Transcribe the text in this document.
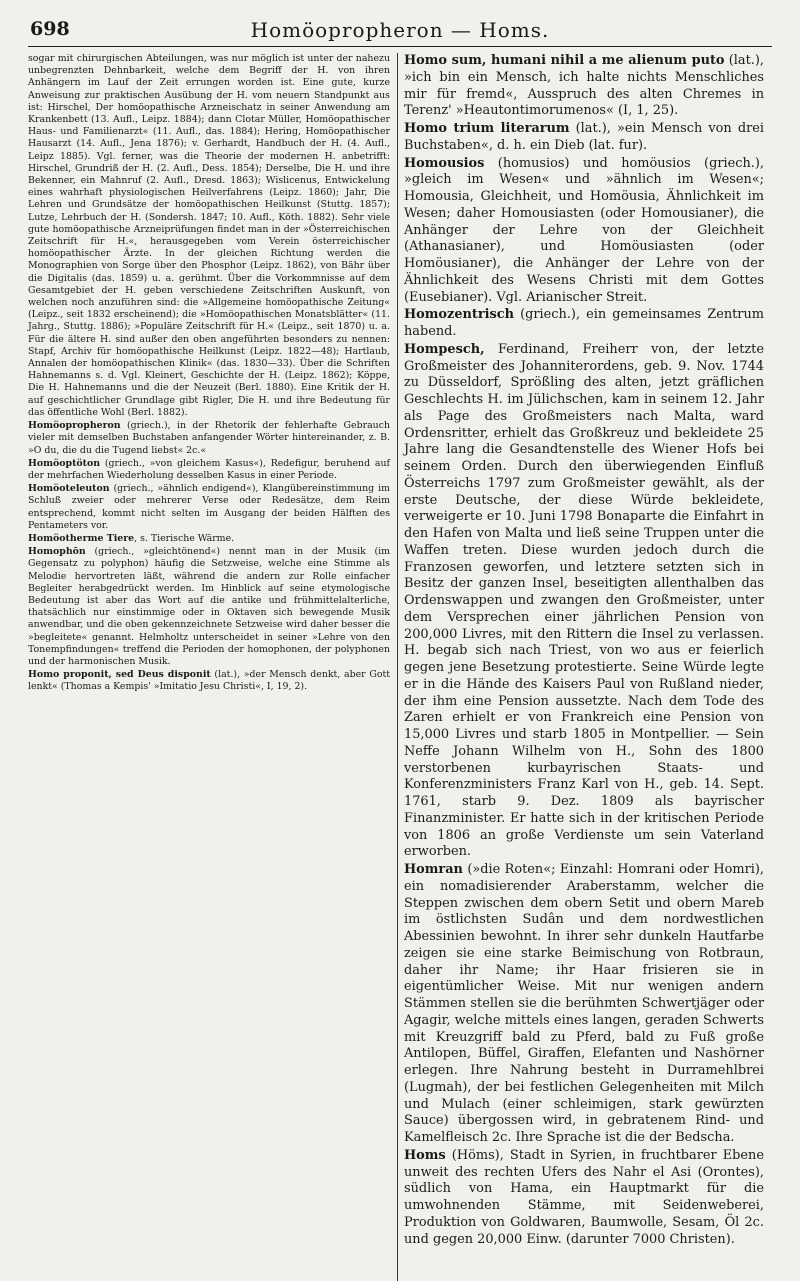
698	Homöopropheron — Homs.

sogar mit chirurgischen Abteilungen, was nur möglich ist unter der nahezu unbegrenzten Dehnbarkeit, welche dem Begriff der H. von ihren Anhängern im Lauf der Zeit errungen worden ist. Eine gute, kurze Anweisung zur praktischen Ausübung der H. vom neuern Standpunkt aus ist: Hirschel, Der homöopathische Arzneischatz in seiner Anwendung am Krankenbett (13. Aufl., Leipz. 1884); dann Clotar Müller, Homöopathischer Haus- und Familienarzt« (11. Aufl., das. 1884); Hering, Homöopathischer Hausarzt (14. Aufl., Jena 1876); v. Gerhardt, Handbuch der H. (4. Aufl., Leipz 1885). Vgl. ferner, was die Theorie der modernen H. anbetrifft: Hirschel, Grundriß der H. (2. Aufl., Dess. 1854); Derselbe, Die H. und ihre Bekenner, ein Mahnruf (2. Aufl., Dresd. 1863); Wislicenus, Entwickelung eines wahrhaft physiologischen Heilverfahrens (Leipz. 1860); Jahr, Die Lehren und Grundsätze der homöopathischen Heilkunst (Stuttg. 1857); Lutze, Lehrbuch der H. (Sondersh. 1847; 10. Aufl., Köth. 1882). Sehr viele gute homöopathische Arzneiprüfungen findet man in der »Österreichischen Zeitschrift für H.«, herausgegeben vom Verein österreichischer homöopathischer Ärzte. In der gleichen Richtung werden die Monographien von Sorge über den Phosphor (Leipz. 1862), von Bähr über die Digitalis (das. 1859) u. a. gerühmt. Über die Vorkommnisse auf dem Gesamtgebiet der H. geben verschiedene Zeitschriften Auskunft, von welchen noch anzuführen sind: die »Allgemeine homöopathische Zeitung« (Leipz., seit 1832 erscheinend); die »Homöopathischen Monatsblätter« (11. Jahrg., Stuttg. 1886); »Populäre Zeitschrift für H.« (Leipz., seit 1870) u. a. Für die ältere H. sind außer den oben angeführten besonders zu nennen: Stapf, Archiv für homöopathische Heilkunst (Leipz. 1822—48); Hartlaub, Annalen der homöopathischen Klinik« (das. 1830—33). Über die Schriften Hahnemanns s. d. Vgl. Kleinert, Geschichte der H. (Leipz. 1862); Köppe, Die H. Hahnemanns und die der Neuzeit (Berl. 1880). Eine Kritik der H. auf geschichtlicher Grundlage gibt Rigler, Die H. und ihre Bedeutung für das öffentliche Wohl (Berl. 1882).

Homöopropheron (griech.), in der Rhetorik der fehlerhafte Gebrauch vieler mit demselben Buchstaben anfangender Wörter hintereinander, z. B. »O du, die du die Tugend liebst« 2c.«

Homöoptöton (griech., »von gleichem Kasus«), Redefigur, beruhend auf der mehrfachen Wiederholung desselben Kasus in einer Periode.

Homöoteleuton (griech., »ähnlich endigend«), Klangübereinstimmung im Schluß zweier oder mehrerer Verse oder Redesätze, dem Reim entsprechend, kommt nicht selten im Ausgang der beiden Hälften des Pentameters vor.

Homöotherme Tiere, s. Tierische Wärme.

Homophōn (griech., »gleichtönend«) nennt man in der Musik (im Gegensatz zu polyphon) häufig die Setzweise, welche eine Stimme als Melodie hervortreten läßt, während die andern zur Rolle einfacher Begleiter herabgedrückt werden. Im Hinblick auf seine etymologische Bedeutung ist aber das Wort auf die antike und frühmittelalterliche, thatsächlich nur einstimmige oder in Oktaven sich bewegende Musik anwendbar, und die oben gekennzeichnete Setzweise wird daher besser die »begleitete« genannt. Helmholtz unterscheidet in seiner »Lehre von den Tonempfindungen« treffend die Perioden der homophonen, der polyphonen und der harmonischen Musik.

Homo proponit, sed Deus disponit (lat.), »der Mensch denkt, aber Gott lenkt« (Thomas a Kempis' »Imitatio Jesu Christi«, I, 19, 2).

Homo sum, humani nihil a me alienum puto (lat.), »ich bin ein Mensch, ich halte nichts Menschliches mir für fremd«, Ausspruch des alten Chremes in Terenz' »Heautontimorumenos« (I, 1, 25).

Homo trium literarum (lat.), »ein Mensch von drei Buchstaben«, d. h. ein Dieb (lat. fur).

Homousios (homusios) und homöusios (griech.), »gleich im Wesen« und »ähnlich im Wesen«; Homousia, Gleichheit, und Homöusia, Ähnlichkeit im Wesen; daher Homousiasten (oder Homousianer), die Anhänger der Lehre von der Gleichheit (Athanasianer), und Homöusiasten (oder Homöusianer), die Anhänger der Lehre von der Ähnlichkeit des Wesens Christi mit dem Gottes (Eusebianer). Vgl. Arianischer Streit.

Homozentrisch (griech.), ein gemeinsames Zentrum habend.

Hompesch, Ferdinand, Freiherr von, der letzte Großmeister des Johanniterordens, geb. 9. Nov. 1744 zu Düsseldorf, Sprößling des alten, jetzt gräflichen Geschlechts H. im Jülichschen, kam in seinem 12. Jahr als Page des Großmeisters nach Malta, ward Ordensritter, erhielt das Großkreuz und bekleidete 25 Jahre lang die Gesandtenstelle des Wiener Hofs bei seinem Orden. Durch den überwiegenden Einfluß Österreichs 1797 zum Großmeister gewählt, als der erste Deutsche, der diese Würde bekleidete, verweigerte er 10. Juni 1798 Bonaparte die Einfahrt in den Hafen von Malta und ließ seine Truppen unter die Waffen treten. Diese wurden jedoch durch die Franzosen geworfen, und letztere setzten sich in Besitz der ganzen Insel, beseitigten allenthalben das Ordenswappen und zwangen den Großmeister, unter dem Versprechen einer jährlichen Pension von 200,000 Livres, mit den Rittern die Insel zu verlassen. H. begab sich nach Triest, von wo aus er feierlich gegen jene Besetzung protestierte. Seine Würde legte er in die Hände des Kaisers Paul von Rußland nieder, der ihm eine Pension aussetzte. Nach dem Tode des Zaren erhielt er von Frankreich eine Pension von 15,000 Livres und starb 1805 in Montpellier. — Sein Neffe Johann Wilhelm von H., Sohn des 1800 verstorbenen kurbayrischen Staats- und Konferenzministers Franz Karl von H., geb. 14. Sept. 1761, starb 9. Dez. 1809 als bayrischer Finanzminister. Er hatte sich in der kritischen Periode von 1806 an große Verdienste um sein Vaterland erworben.

Homran (»die Roten«; Einzahl: Homrani oder Homri), ein nomadisierender Araberstamm, welcher die Steppen zwischen dem obern Setit und obern Mareb im östlichsten Sudân und dem nordwestlichen Abessinien bewohnt. In ihrer sehr dunkeln Hautfarbe zeigen sie eine starke Beimischung von Rotbraun, daher ihr Name; ihr Haar frisieren sie in eigentümlicher Weise. Mit nur wenigen andern Stämmen stellen sie die berühmten Schwertjäger oder Agagir, welche mittels eines langen, geraden Schwerts mit Kreuzgriff bald zu Pferd, bald zu Fuß große Antilopen, Büffel, Giraffen, Elefanten und Nashörner erlegen. Ihre Nahrung besteht in Durramehlbrei (Lugmah), der bei festlichen Gelegenheiten mit Milch und Mulach (einer schleimigen, stark gewürzten Sauce) übergossen wird, in gebratenem Rind- und Kamelfleisch 2c. Ihre Sprache ist die der Bedscha.

Homs (Höms), Stadt in Syrien, in fruchtbarer Ebene unweit des rechten Ufers des Nahr el Asi (Orontes), südlich von Hama, ein Hauptmarkt für die umwohnenden Stämme, mit Seidenweberei, Produktion von Goldwaren, Baumwolle, Sesam, Öl 2c. und gegen 20,000 Einw. (darunter 7000 Christen).
